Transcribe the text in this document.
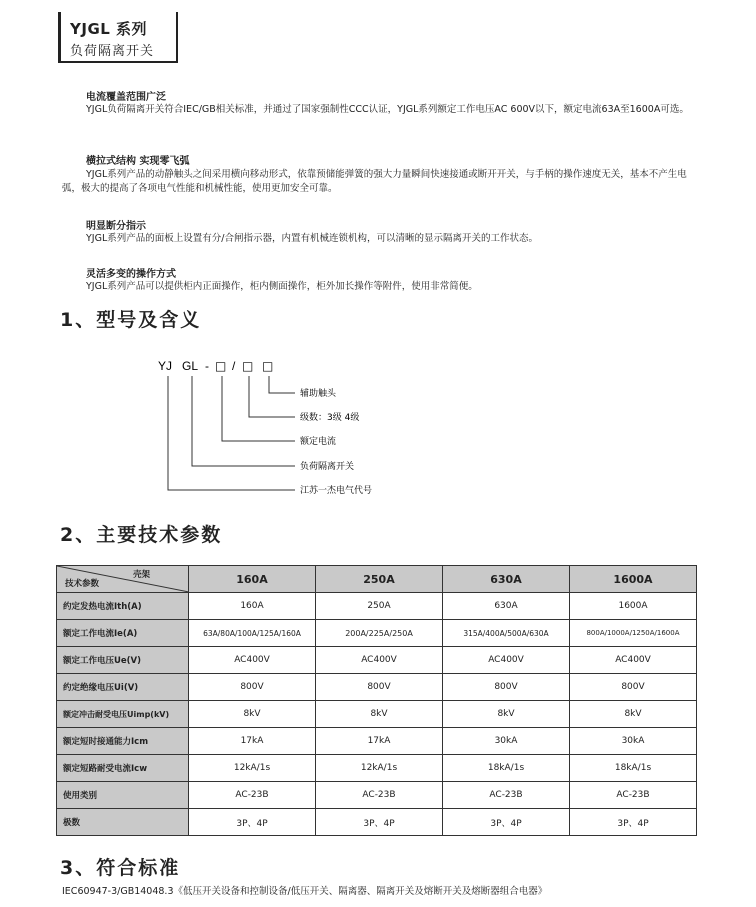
YJGL 系列
负荷隔离开关
电流覆盖范围广泛
YJGL负荷隔离开关符合IEC/GB相关标准，并通过了国家强制性CCC认证，YJGL系列额定工作电压AC 600V以下，额定电流63A至1600A可选。
横拉式结构 实现零飞弧
YJGL系列产品的动静触头之间采用横向移动形式，依靠预储能弹簧的强大力量瞬间快速接通或断开开关，与手柄的操作速度无关，基本不产生电弧，极大的提高了各项电气性能和机械性能，使用更加安全可靠。
明显断分指示
YJGL系列产品的面板上设置有分/合闸指示器，内置有机械连锁机构，可以清晰的显示隔离开关的工作状态。
灵活多变的操作方式
YJGL系列产品可以提供柜内正面操作，柜内侧面操作，柜外加长操作等附件，使用非常简便。
1、型号及含义
YJ GL - □ / □ □
辅助触头
级数：3级 4级
额定电流
负荷隔离开关
江苏一杰电气代号
2、主要技术参数
壳架
技术参数	160A	250A	630A	1600A
约定发热电流Ith(A)	160A	250A	630A	1600A
额定工作电流Ie(A)	63A/80A/100A/125A/160A	200A/225A/250A	315A/400A/500A/630A	800A/1000A/1250A/1600A
额定工作电压Ue(V)	AC400V	AC400V	AC400V	AC400V
约定绝缘电压Ui(V)	800V	800V	800V	800V
额定冲击耐受电压Uimp(kV)	8kV	8kV	8kV	8kV
额定短时接通能力Icm	17kA	17kA	30kA	30kA
额定短路耐受电流Icw	12kA/1s	12kA/1s	18kA/1s	18kA/1s
使用类别	AC-23B	AC-23B	AC-23B	AC-23B
极数	3P、4P	3P、4P	3P、4P	3P、4P
3、符合标准
IEC60947-3/GB14048.3《低压开关设备和控制设备/低压开关、隔离器、隔离开关及熔断开关及熔断器组合电器》
